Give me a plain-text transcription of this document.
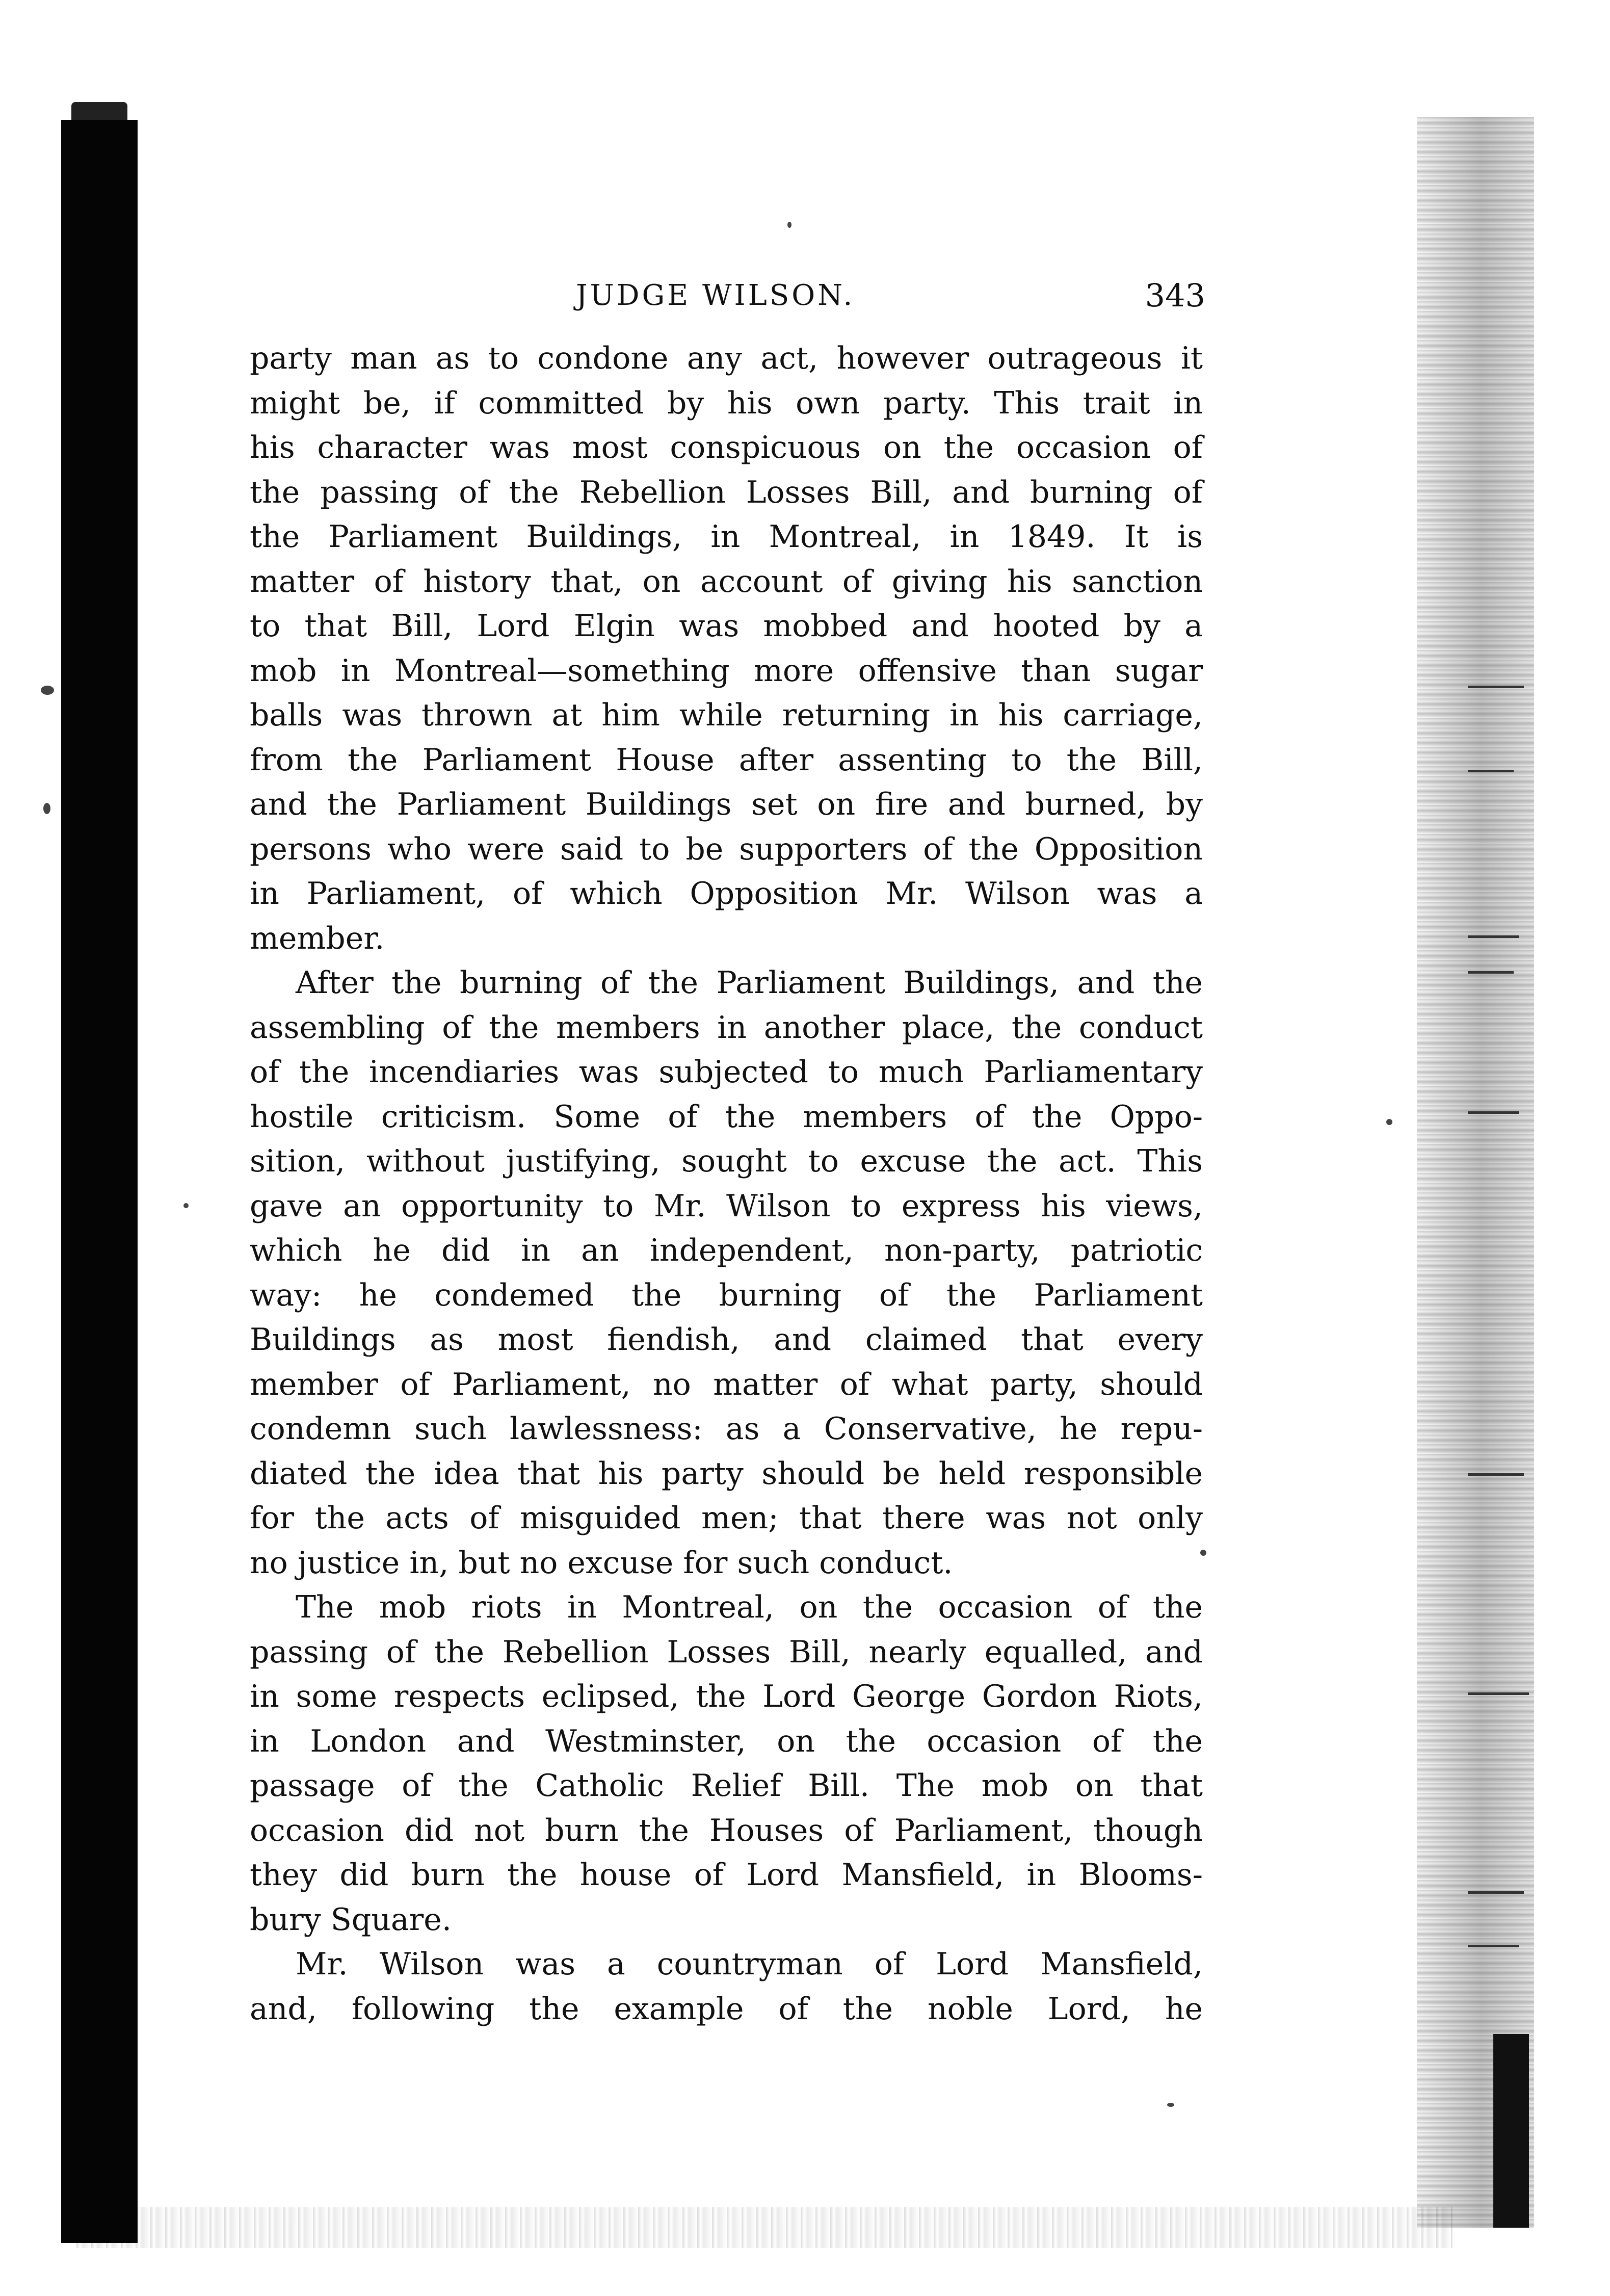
JUDGE WILSON.	343
party man as to condone any act, however outrageous it
might be, if committed by his own party. This trait in
his character was most conspicuous on the occasion of
the passing of the Rebellion Losses Bill, and burning of
the Parliament Buildings, in Montreal, in 1849. It is
matter of history that, on account of giving his sanction
to that Bill, Lord Elgin was mobbed and hooted by a
mob in Montreal—something more offensive than sugar
balls was thrown at him while returning in his carriage,
from the Parliament House after assenting to the Bill,
and the Parliament Buildings set on fire and burned, by
persons who were said to be supporters of the Opposition
in Parliament, of which Opposition Mr. Wilson was a
member.
After the burning of the Parliament Buildings, and the
assembling of the members in another place, the conduct
of the incendiaries was subjected to much Parliamentary
hostile criticism. Some of the members of the Oppo-
sition, without justifying, sought to excuse the act. This
gave an opportunity to Mr. Wilson to express his views,
which he did in an independent, non-party, patriotic
way: he condemed the burning of the Parliament
Buildings as most fiendish, and claimed that every
member of Parliament, no matter of what party, should
condemn such lawlessness: as a Conservative, he repu-
diated the idea that his party should be held responsible
for the acts of misguided men; that there was not only
no justice in, but no excuse for such conduct.
The mob riots in Montreal, on the occasion of the
passing of the Rebellion Losses Bill, nearly equalled, and
in some respects eclipsed, the Lord George Gordon Riots,
in London and Westminster, on the occasion of the
passage of the Catholic Relief Bill. The mob on that
occasion did not burn the Houses of Parliament, though
they did burn the house of Lord Mansfield, in Blooms-
bury Square.
Mr. Wilson was a countryman of Lord Mansfield,
and, following the example of the noble Lord, he
